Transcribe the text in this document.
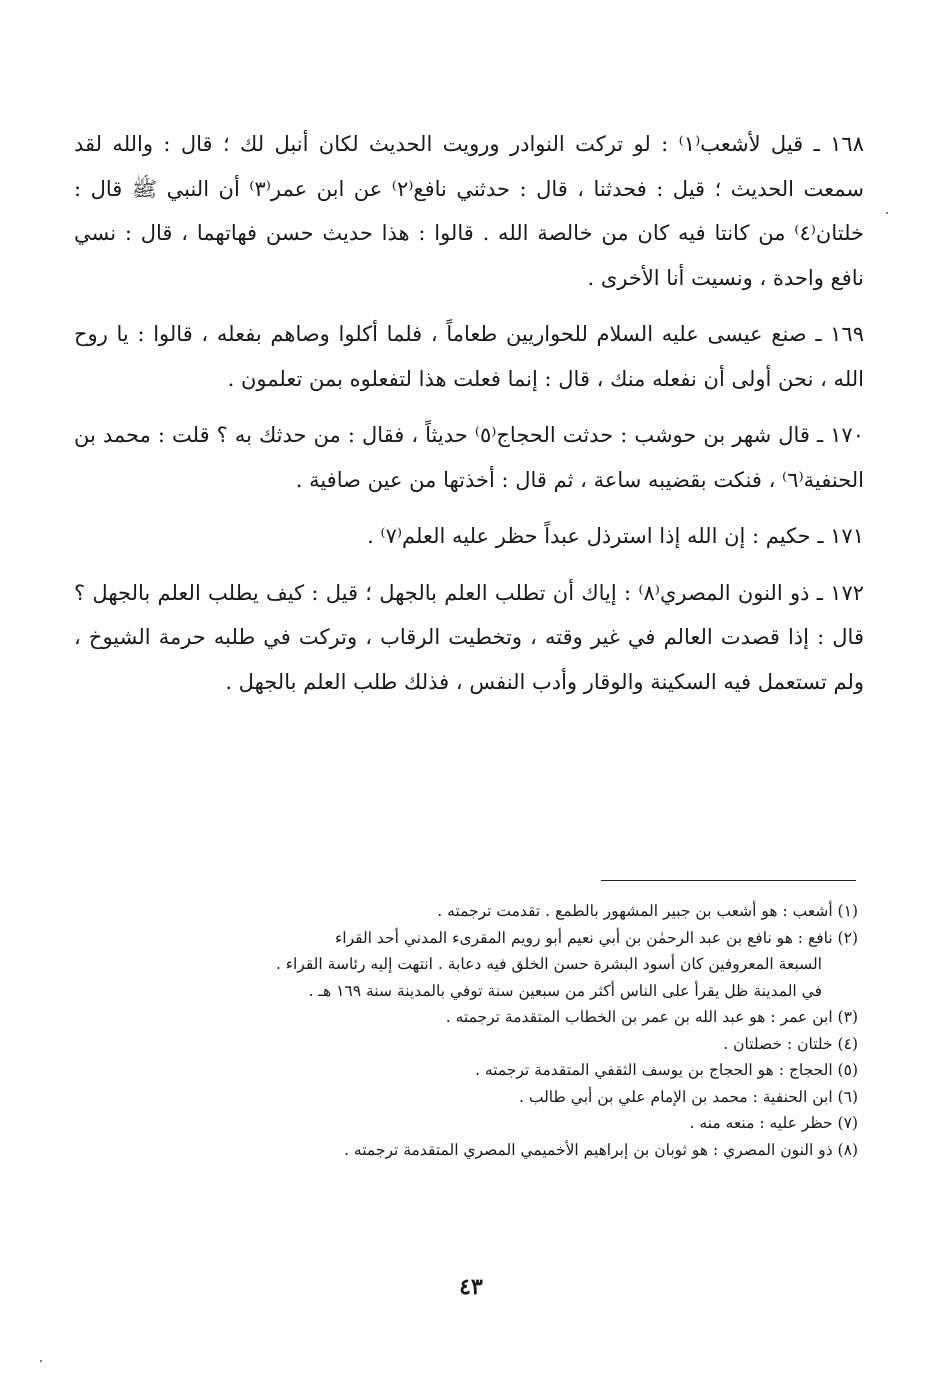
١٦٨ ـ قيل لأشعب⁽١⁾ : لو تركت النوادر ورويت الحديث لكان أنبل لك ؛ قال : والله لقد سمعت الحديث ؛ قيل : فحدثنا ، قال : حدثني نافع⁽٢⁾ عن ابن عمر⁽٣⁾ أن النبي ﷺ قال : خلتان⁽٤⁾ من كانتا فيه كان من خالصة الله . قالوا : هذا حديث حسن فهاتهما ، قال : نسي نافع واحدة ، ونسيت أنا الأخرى .

١٦٩ ـ صنع عيسى عليه السلام للحواريين طعاماً ، فلما أكلوا وصاهم بفعله ، قالوا : يا روح الله ، نحن أولى أن نفعله منك ، قال : إنما فعلت هذا لتفعلوه بمن تعلمون .

١٧٠ ـ قال شهر بن حوشب : حدثت الحجاج⁽٥⁾ حديثاً ، فقال : من حدثك به ؟ قلت : محمد بن الحنفية⁽٦⁾ ، فنكت بقضيبه ساعة ، ثم قال : أخذتها من عين صافية .

١٧١ ـ حكيم : إن الله إذا استرذل عبداً حظر عليه العلم⁽٧⁾ .

١٧٢ ـ ذو النون المصري⁽٨⁾ : إياك أن تطلب العلم بالجهل ؛ قيل : كيف يطلب العلم بالجهل ؟ قال : إذا قصدت العالم في غير وقته ، وتخطيت الرقاب ، وتركت في طلبه حرمة الشيوخ ، ولم تستعمل فيه السكينة والوقار وأدب النفس ، فذلك طلب العلم بالجهل .

(١) أشعب : هو أشعب بن جبير المشهور بالطمع . تقدمت ترجمته .

(٢) نافع : هو نافع بن عبد الرحمٰن بن أبي نعيم أبو رويم المقرىء المدني أحد القراء

السبعة المعروفين كان أسود البشرة حسن الخلق فيه دعابة . انتهت إليه رئاسة القراء .

في المدينة ظل يقرأ على الناس أكثر من سبعين سنة توفي بالمدينة سنة ١٦٩ هـ .

(٣) ابن عمر : هو عبد الله بن عمر بن الخطاب المتقدمة ترجمته .

(٤) خلتان : خصلتان .

(٥) الحجاج : هو الحجاج بن يوسف الثقفي المتقدمة ترجمته .

(٦) ابن الحنفية : محمد بن الإمام علي بن أبي طالب .

(٧) حظر عليه : منعه منه .

(٨) ذو النون المصري : هو ثوبان بن إبراهيم الأخميمي المصري المتقدمة ترجمته .

٤٣
